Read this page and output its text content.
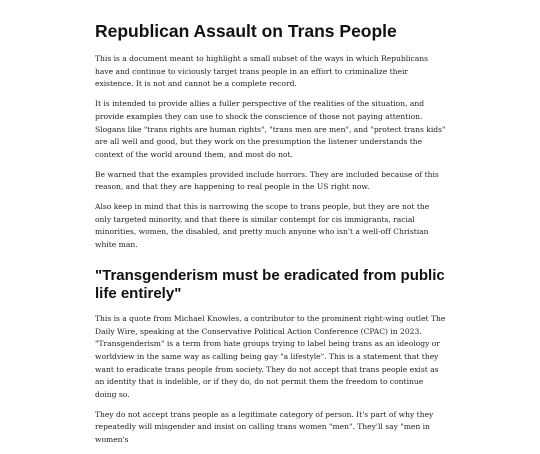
Republican Assault on Trans People

This is a document meant to highlight a small subset of the ways in which Republicans have and continue to viciously target trans people in an effort to criminalize their existence. It is not and cannot be a complete record.

It is intended to provide allies a fuller perspective of the realities of the situation, and provide examples they can use to shock the conscience of those not paying attention. Slogans like "trans rights are human rights", "trans men are men", and "protect trans kids" are all well and good, but they work on the presumption the listener understands the context of the world around them, and most do not.

Be warned that the examples provided include horrors. They are included because of this reason, and that they are happening to real people in the US right now.

Also keep in mind that this is narrowing the scope to trans people, but they are not the only targeted minority, and that there is similar contempt for cis immigrants, racial minorities, women, the disabled, and pretty much anyone who isn't a well-off Christian white man.

"Transgenderism must be eradicated from public life entirely"

This is a quote from Michael Knowles, a contributor to the prominent right-wing outlet The Daily Wire, speaking at the Conservative Political Action Conference (CPAC) in 2023. "Transgenderism" is a term from hate groups trying to label being trans as an ideology or worldview in the same way as calling being gay "a lifestyle". This is a statement that they want to eradicate trans people from society. They do not accept that trans people exist as an identity that is indelible, or if they do, do not permit them the freedom to continue doing so.

They do not accept trans people as a legitimate category of person. It's part of why they repeatedly will misgender and insist on calling trans women "men". They'll say "men in women's
